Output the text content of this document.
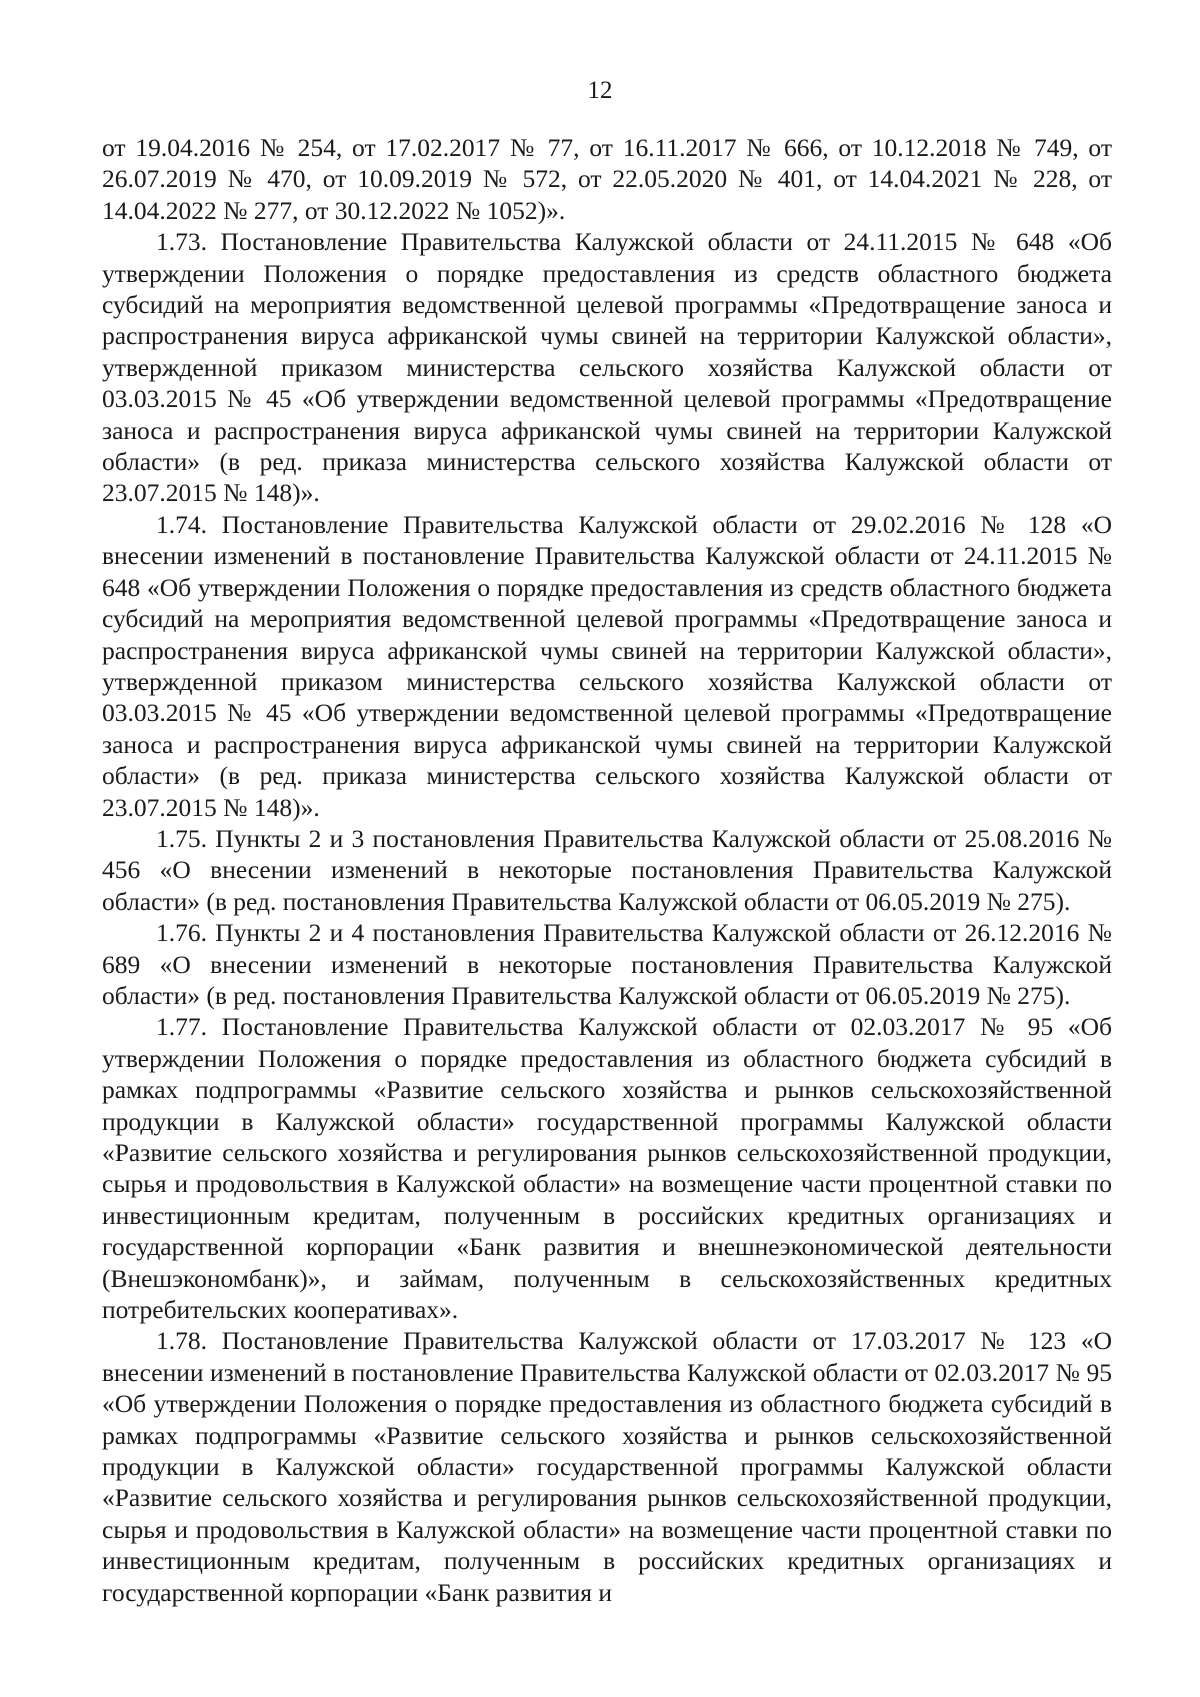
12

от 19.04.2016 № 254, от 17.02.2017 № 77, от 16.11.2017 № 666, от 10.12.2018 № 749, от 26.07.2019 № 470, от 10.09.2019 № 572, от 22.05.2020 № 401, от 14.04.2021 № 228, от 14.04.2022 № 277, от 30.12.2022 № 1052)».

1.73. Постановление Правительства Калужской области от 24.11.2015 № 648 «Об утверждении Положения о порядке предоставления из средств областного бюджета субсидий на мероприятия ведомственной целевой программы «Предотвращение заноса и распространения вируса африканской чумы свиней на территории Калужской области», утвержденной приказом министерства сельского хозяйства Калужской области от 03.03.2015 № 45 «Об утверждении ведомственной целевой программы «Предотвращение заноса и распространения вируса африканской чумы свиней на территории Калужской области» (в ред. приказа министерства сельского хозяйства Калужской области от 23.07.2015 № 148)».

1.74. Постановление Правительства Калужской области от 29.02.2016 № 128 «О внесении изменений в постановление Правительства Калужской области от 24.11.2015 № 648 «Об утверждении Положения о порядке предоставления из средств областного бюджета субсидий на мероприятия ведомственной целевой программы «Предотвращение заноса и распространения вируса африканской чумы свиней на территории Калужской области», утвержденной приказом министерства сельского хозяйства Калужской области от 03.03.2015 № 45 «Об утверждении ведомственной целевой программы «Предотвращение заноса и распространения вируса африканской чумы свиней на территории Калужской области» (в ред. приказа министерства сельского хозяйства Калужской области от 23.07.2015 № 148)».

1.75. Пункты 2 и 3 постановления Правительства Калужской области от 25.08.2016 № 456 «О внесении изменений в некоторые постановления Правительства Калужской области» (в ред. постановления Правительства Калужской области от 06.05.2019 № 275).

1.76. Пункты 2 и 4 постановления Правительства Калужской области от 26.12.2016 № 689 «О внесении изменений в некоторые постановления Правительства Калужской области» (в ред. постановления Правительства Калужской области от 06.05.2019 № 275).

1.77. Постановление Правительства Калужской области от 02.03.2017 № 95 «Об утверждении Положения о порядке предоставления из областного бюджета субсидий в рамках подпрограммы «Развитие сельского хозяйства и рынков сельскохозяйственной продукции в Калужской области» государственной программы Калужской области «Развитие сельского хозяйства и регулирования рынков сельскохозяйственной продукции, сырья и продовольствия в Калужской области» на возмещение части процентной ставки по инвестиционным кредитам, полученным в российских кредитных организациях и государственной корпорации «Банк развития и внешнеэкономической деятельности (Внешэкономбанк)», и займам, полученным в сельскохозяйственных кредитных потребительских кооперативах».

1.78. Постановление Правительства Калужской области от 17.03.2017 № 123 «О внесении изменений в постановление Правительства Калужской области от 02.03.2017 № 95 «Об утверждении Положения о порядке предоставления из областного бюджета субсидий в рамках подпрограммы «Развитие сельского хозяйства и рынков сельскохозяйственной продукции в Калужской области» государственной программы Калужской области «Развитие сельского хозяйства и регулирования рынков сельскохозяйственной продукции, сырья и продовольствия в Калужской области» на возмещение части процентной ставки по инвестиционным кредитам, полученным в российских кредитных организациях и государственной корпорации «Банк развития и
